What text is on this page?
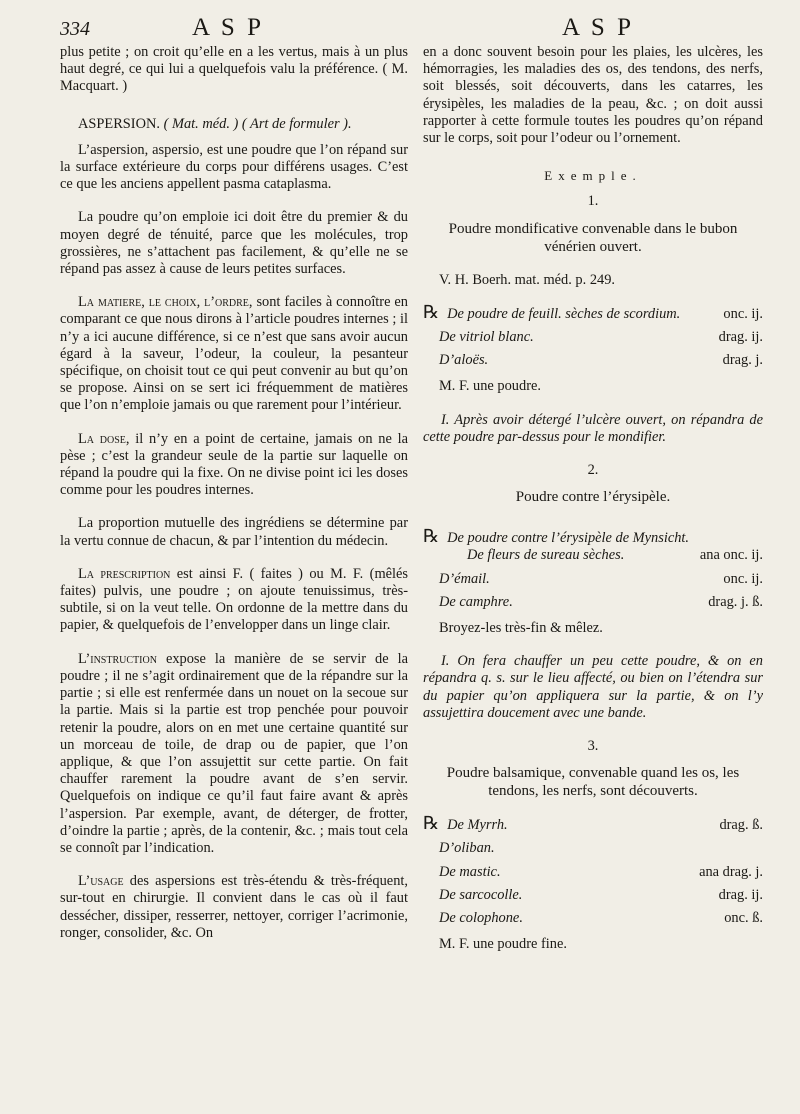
334	A S P	A S P

plus petite ; on croit qu’elle en a les vertus, mais à un plus haut degré, ce qui lui a quelquefois valu la préférence. ( M. Macquart. )

ASPERSION. ( Mat. méd. ) ( Art de formuler ).

L’aspersion, aspersio, est une poudre que l’on répand sur la surface extérieure du corps pour différens usages. C’est ce que les anciens appellent pasma cataplasma.

La poudre qu’on emploie ici doit être du premier & du moyen degré de ténuité, parce que les molécules, trop grossières, ne s’attachent pas facilement, & qu’elle ne se répand pas assez à cause de leurs petites surfaces.

La matiere, le choix, l’ordre, sont faciles à connoître en comparant ce que nous dirons à l’article poudres internes ; il n’y a ici aucune différence, si ce n’est que sans avoir aucun égard à la saveur, l’odeur, la couleur, la pesanteur spécifique, on choisit tout ce qui peut convenir au but qu’on se propose. Ainsi on se sert ici fréquemment de matières que l’on n’emploie jamais ou que rarement pour l’intérieur.

La dose, il n’y en a point de certaine, jamais on ne la pèse ; c’est la grandeur seule de la partie sur laquelle on répand la poudre qui la fixe. On ne divise point ici les doses comme pour les poudres internes.

La proportion mutuelle des ingrédiens se détermine par la vertu connue de chacun, & par l’intention du médecin.

La prescription est ainsi F. ( faites ) ou M. F. (mêlés faites) pulvis, une poudre ; on ajoute tenuissimus, très-subtile, si on la veut telle. On ordonne de la mettre dans du papier, & quelquefois de l’envelopper dans un linge clair.

L’instruction expose la manière de se servir de la poudre ; il ne s’agit ordinairement que de la répandre sur la partie ; si elle est renfermée dans un nouet on la secoue sur la partie. Mais si la partie est trop penchée pour pouvoir retenir la poudre, alors on en met une certaine quantité sur un morceau de toile, de drap ou de papier, que l’on applique, & que l’on assujettit sur cette partie. On fait chauffer rarement la poudre avant de s’en servir. Quelquefois on indique ce qu’il faut faire avant & après l’aspersion. Par exemple, avant, de déterger, de frotter, d’oindre la partie ; après, de la contenir, &c. ; mais tout cela se connoît par l’indication.

L’usage des aspersions est très-étendu & très-fréquent, sur-tout en chirurgie. Il convient dans le cas où il faut dessécher, dissiper, resserrer, nettoyer, corriger l’acrimonie, ronger, consolider, &c. On

en a donc souvent besoin pour les plaies, les ulcères, les hémorragies, les maladies des os, des tendons, des nerfs, soit blessés, soit découverts, dans les catarres, les érysipèles, les maladies de la peau, &c. ; on doit aussi rapporter à cette formule toutes les poudres qu’on répand sur le corps, soit pour l’odeur ou l’ornement.

Exemple.

1.

Poudre mondificative convenable dans le bubon vénérien ouvert.

V. H. Boerh. mat. méd. p. 249.

℞ De poudre de feuill. sèches de scordium.	onc. ij.
De vitriol blanc.	drag. ij.
D’aloës.	drag. j.

M. F. une poudre.

I. Après avoir détergé l’ulcère ouvert, on répandra de cette poudre par-dessus pour le mondifier.

2.

Poudre contre l’érysipèle.

℞ De poudre contre l’érysipèle de Mynsicht.
De fleurs de sureau sèches.	ana onc. ij.
D’émail.	onc. ij.
De camphre.	drag. j. ß.

Broyez-les très-fin & mêlez.

I. On fera chauffer un peu cette poudre, & on en répandra q. s. sur le lieu affecté, ou bien on l’étendra sur du papier qu’on appliquera sur la partie, & on l’y assujettira doucement avec une bande.

3.

Poudre balsamique, convenable quand les os, les tendons, les nerfs, sont découverts.

℞ De Myrrh.	drag. ß.
D’oliban.
De mastic.	ana drag. j.
De sarcocolle.	drag. ij.
De colophone.	onc. ß.

M. F. une poudre fine.
